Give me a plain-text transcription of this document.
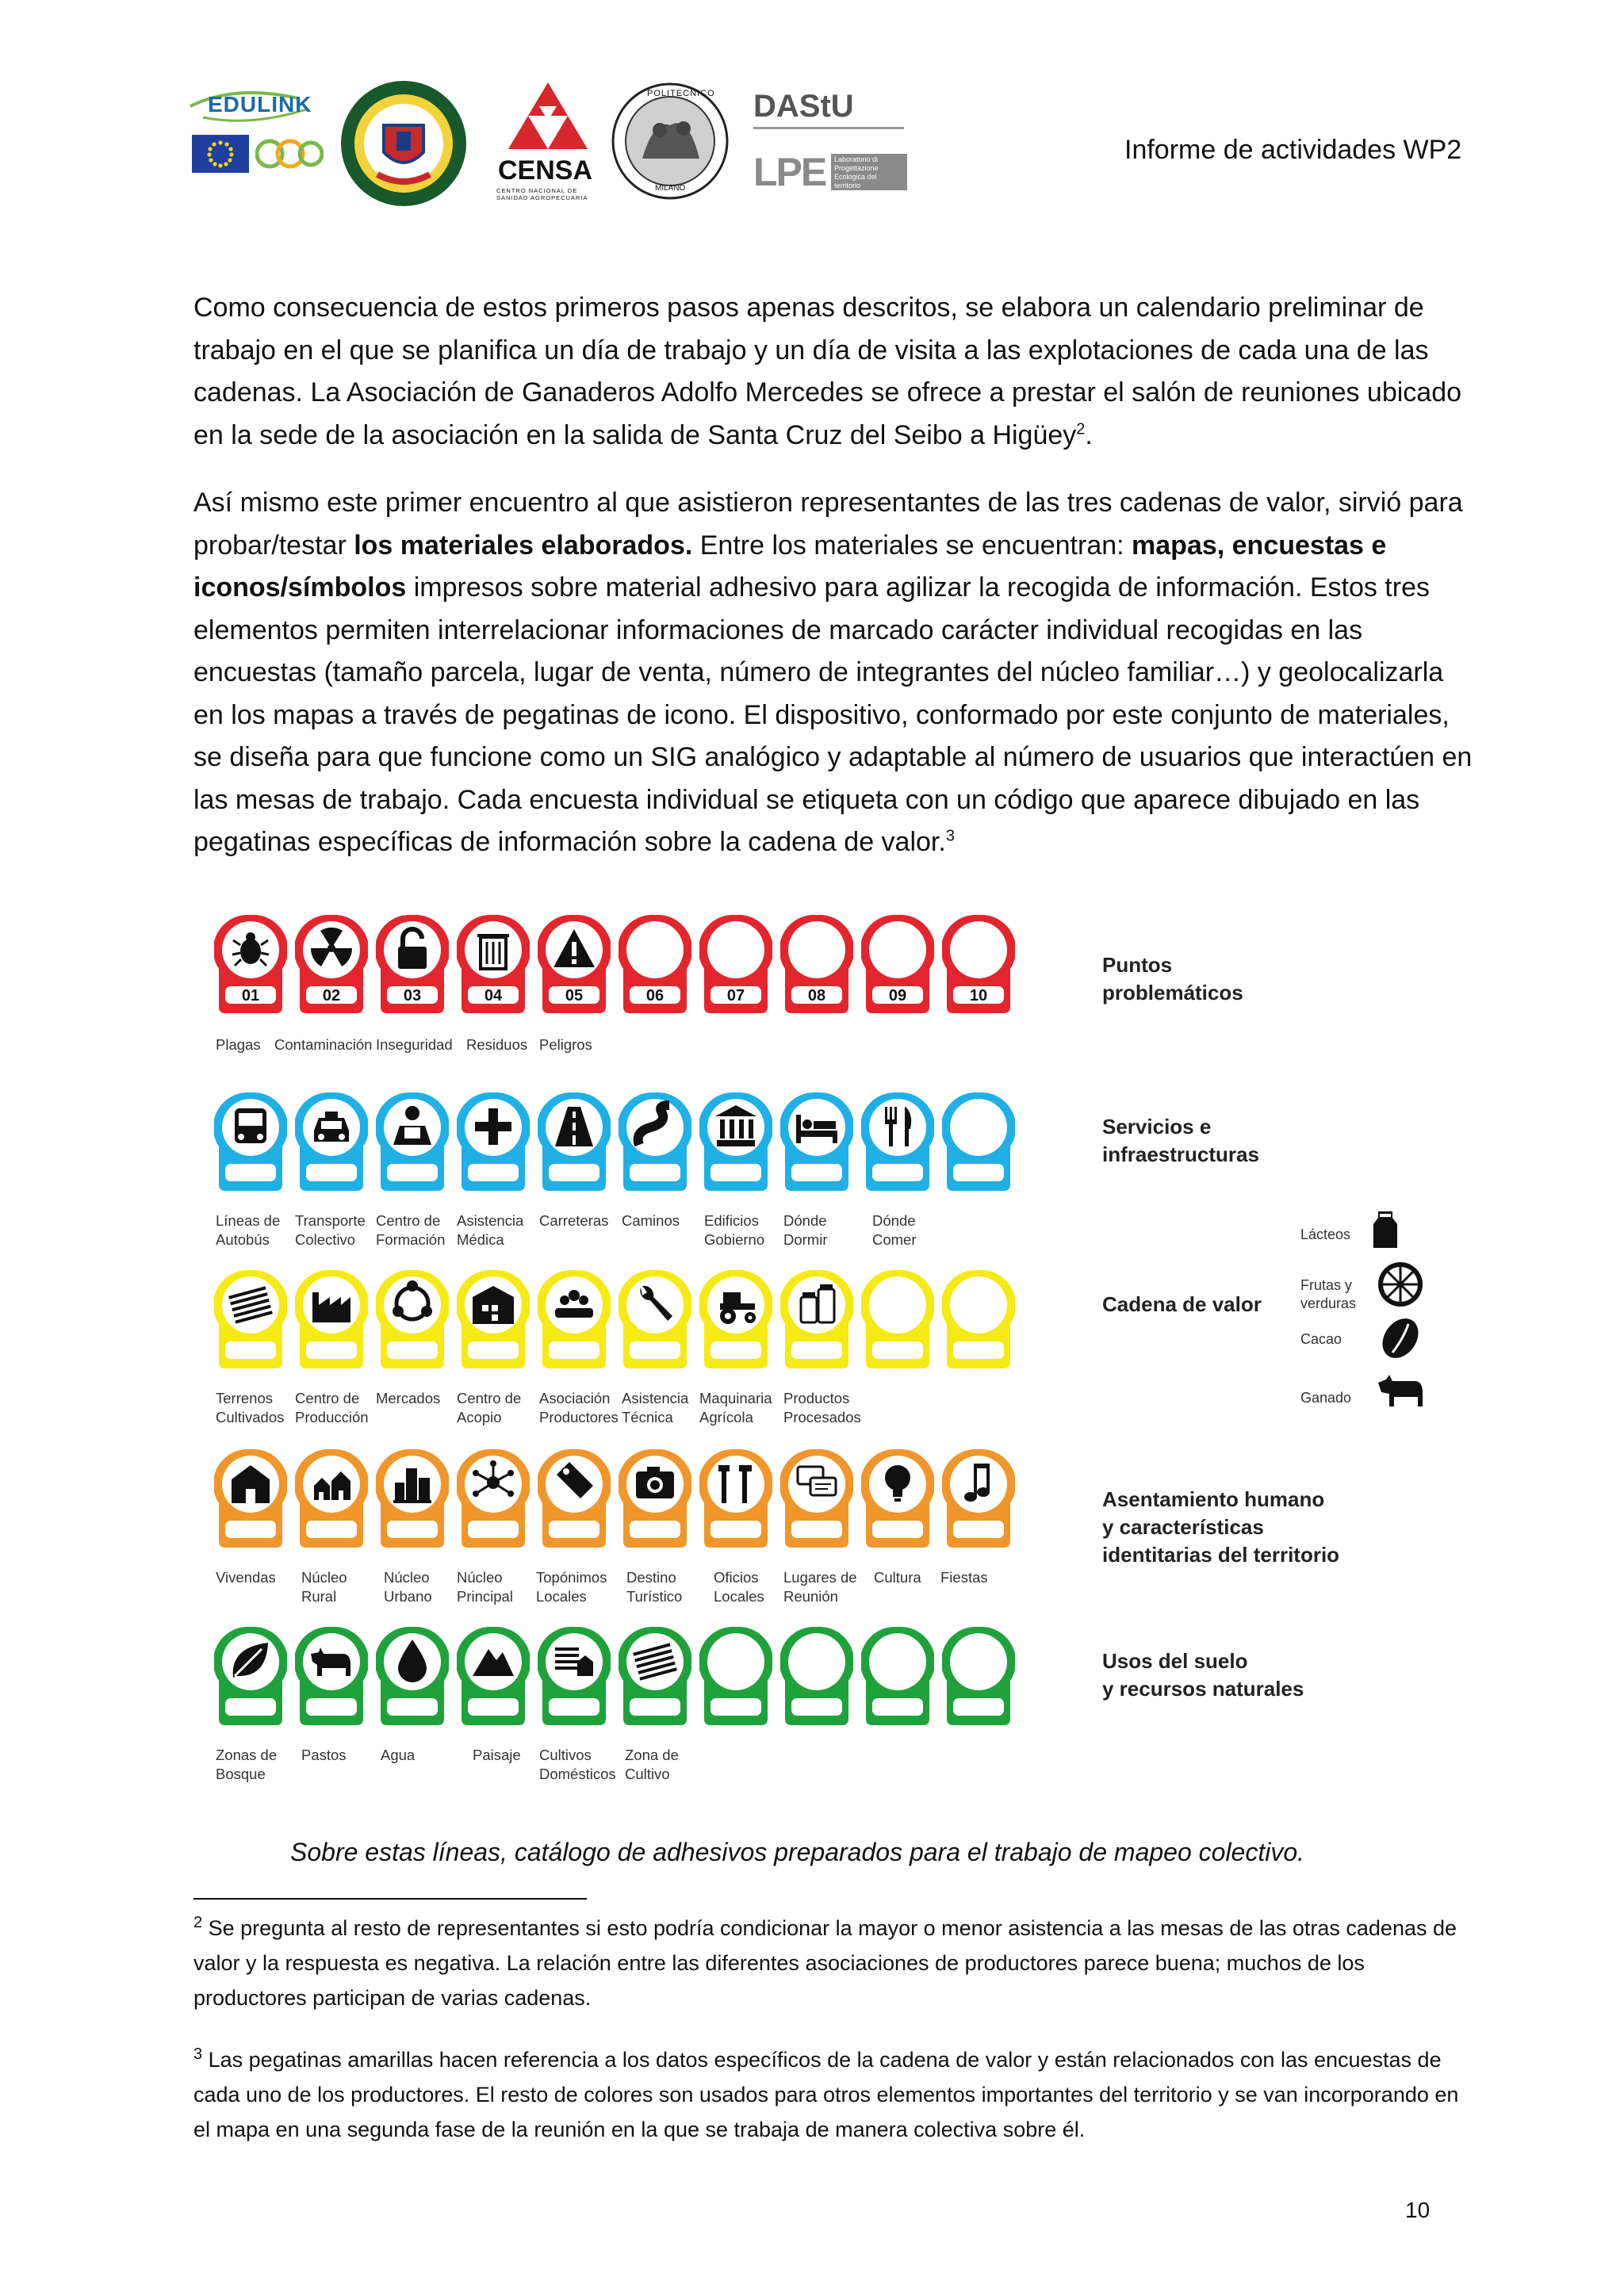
EDULINK
CENSA
CENTRO NACIONAL DE SANIDAD AGROPECUARIA
POLITECNICO
MILANO
DAStU
LPE Laboratorio di Progettazione Ecologica del territorio
Informe de actividades WP2

Como consecuencia de estos primeros pasos apenas descritos, se elabora un calendario preliminar de trabajo en el que se planifica un día de trabajo y un día de visita a las explotaciones de cada una de las cadenas. La Asociación de Ganaderos Adolfo Mercedes se ofrece a prestar el salón de reuniones ubicado en la sede de la asociación en la salida de Santa Cruz del Seibo a Higüey$^2$.

Así mismo este primer encuentro al que asistieron representantes de las tres cadenas de valor, sirvió para probar/testar los materiales elaborados. Entre los materiales se encuentran: mapas, encuestas e iconos/símbolos impresos sobre material adhesivo para agilizar la recogida de información. Estos tres elementos permiten interrelacionar informaciones de marcado carácter individual recogidas en las encuestas (tamaño parcela, lugar de venta, número de integrantes del núcleo familiar…) y geolocalizarla en los mapas a través de pegatinas de icono. El dispositivo, conformado por este conjunto de materiales, se diseña para que funcione como un SIG analógico y adaptable al número de usuarios que interactúen en las mesas de trabajo. Cada encuesta individual se etiqueta con un código que aparece dibujado en las pegatinas específicas de información sobre la cadena de valor.$^3$

01
Plagas
02
Contaminación
03
Inseguridad
04
Residuos
05
Peligros
06	07	08	09	10
Líneas de
Autobús
Transporte
Colectivo
Centro de
Formación
Asistencia
Médica
Carreteras Caminos Edificios
Gobierno
Dónde
Dormir
Dónde
Comer
Terrenos
Cultivados
Centro de
Producción
Mercados Centro de
Acopio
Asociación
Productores
Asistencia
Técnica
Maquinaria
Agrícola
Productos
Procesados
Vivendas Núcleo
Rural
Núcleo
Urbano
Núcleo
Principal
Topónimos
Locales
Destino
Turístico
Oficios
Locales
Lugares de
Reunión
Cultura Fiestas
Zonas de
Bosque
Pastos Agua	Paisaje Cultivos
Domésticos
Zona de
Cultivo
Puntos
problemáticos
Servicios e
infraestructuras
Cadena de valor
Asentamiento humano
y características
identitarias del territorio
Usos del suelo
y recursos naturales
Lácteos
Frutas y
verduras
Cacao
Ganado
Sobre estas líneas, catálogo de adhesivos preparados para el trabajo de mapeo colectivo.

$^2$ Se pregunta al resto de representantes si esto podría condicionar la mayor o menor asistencia a las mesas de las otras cadenas de valor y la respuesta es negativa. La relación entre las diferentes asociaciones de productores parece buena; muchos de los productores participan de varias cadenas.

$^3$ Las pegatinas amarillas hacen referencia a los datos específicos de la cadena de valor y están relacionados con las encuestas de cada uno de los productores. El resto de colores son usados para otros elementos importantes del territorio y se van incorporando en el mapa en una segunda fase de la reunión en la que se trabaja de manera colectiva sobre él.

10
